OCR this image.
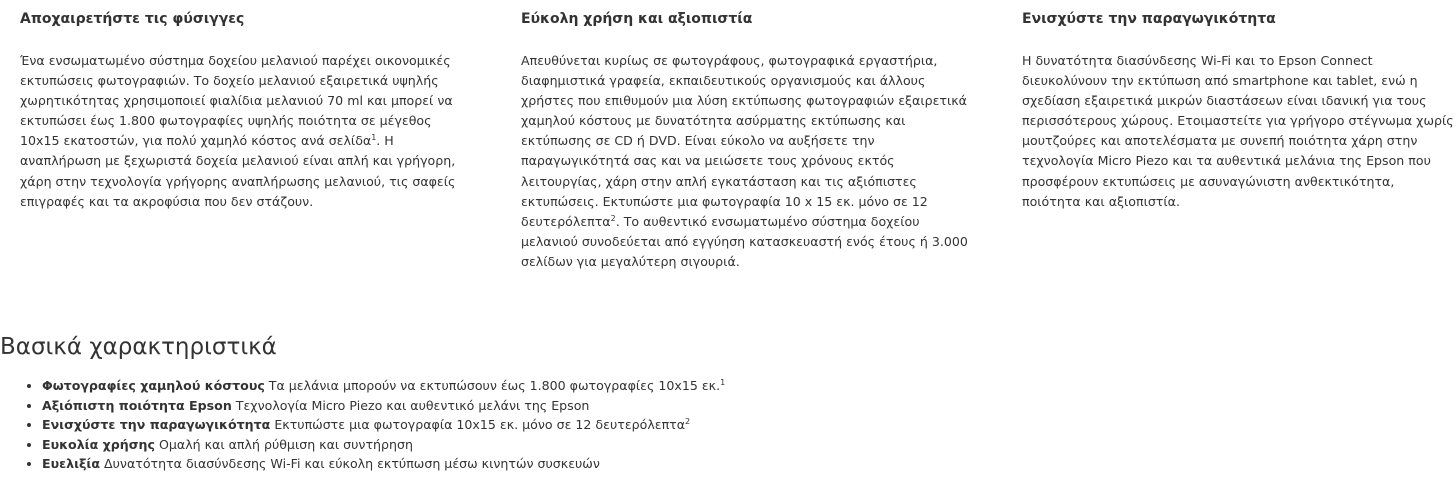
Αποχαιρετήστε τις φύσιγγες

Ένα ενσωματωμένο σύστημα δοχείου μελανιού παρέχει οικονομικές εκτυπώσεις φωτογραφιών. Το δοχείο μελανιού εξαιρετικά υψηλής χωρητικότητας χρησιμοποιεί φιαλίδια μελανιού 70 ml και μπορεί να εκτυπώσει έως 1.800 φωτογραφίες υψηλής ποιότητα σε μέγεθος 10x15 εκατοστών, για πολύ χαμηλό κόστος ανά σελίδα$^1$. Η αναπλήρωση με ξεχωριστά δοχεία μελανιού είναι απλή και γρήγορη, χάρη στην τεχνολογία γρήγορης αναπλήρωσης μελανιού, τις σαφείς επιγραφές και τα ακροφύσια που δεν στάζουν.

Εύκολη χρήση και αξιοπιστία

Απευθύνεται κυρίως σε φωτογράφους, φωτογραφικά εργαστήρια, διαφημιστικά γραφεία, εκπαιδευτικούς οργανισμούς και άλλους χρήστες που επιθυμούν μια λύση εκτύπωσης φωτογραφιών εξαιρετικά χαμηλού κόστους με δυνατότητα ασύρματης εκτύπωσης και εκτύπωσης σε CD ή DVD. Είναι εύκολο να αυξήσετε την παραγωγικότητά σας και να μειώσετε τους χρόνους εκτός λειτουργίας, χάρη στην απλή εγκατάσταση και τις αξιόπιστες εκτυπώσεις. Εκτυπώστε μια φωτογραφία 10 x 15 εκ. μόνο σε 12 δευτερόλεπτα$^2$. Το αυθεντικό ενσωματωμένο σύστημα δοχείου μελανιού συνοδεύεται από εγγύηση κατασκευαστή ενός έτους ή 3.000 σελίδων για μεγαλύτερη σιγουριά.

Ενισχύστε την παραγωγικότητα

Η δυνατότητα διασύνδεσης Wi-Fi και το Epson Connect διευκολύνουν την εκτύπωση από smartphone και tablet, ενώ η σχεδίαση εξαιρετικά μικρών διαστάσεων είναι ιδανική για τους περισσότερους χώρους. Ετοιμαστείτε για γρήγορο στέγνωμα χωρίς μουτζούρες και αποτελέσματα με συνεπή ποιότητα χάρη στην τεχνολογία Micro Piezo και τα αυθεντικά μελάνια της Epson που προσφέρουν εκτυπώσεις με ασυναγώνιστη ανθεκτικότητα, ποιότητα και αξιοπιστία.

Βασικά χαρακτηριστικά
• Φωτογραφίες χαμηλού κόστους Τα μελάνια μπορούν να εκτυπώσουν έως 1.800 φωτογραφίες 10x15 εκ.$^1$
• Αξιόπιστη ποιότητα Epson Τεχνολογία Micro Piezo και αυθεντικό μελάνι της Epson
• Ενισχύστε την παραγωγικότητα Εκτυπώστε μια φωτογραφία 10x15 εκ. μόνο σε 12 δευτερόλεπτα$^2$
• Ευκολία χρήσης Ομαλή και απλή ρύθμιση και συντήρηση
• Ευελιξία Δυνατότητα διασύνδεσης Wi-Fi και εύκολη εκτύπωση μέσω κινητών συσκευών
